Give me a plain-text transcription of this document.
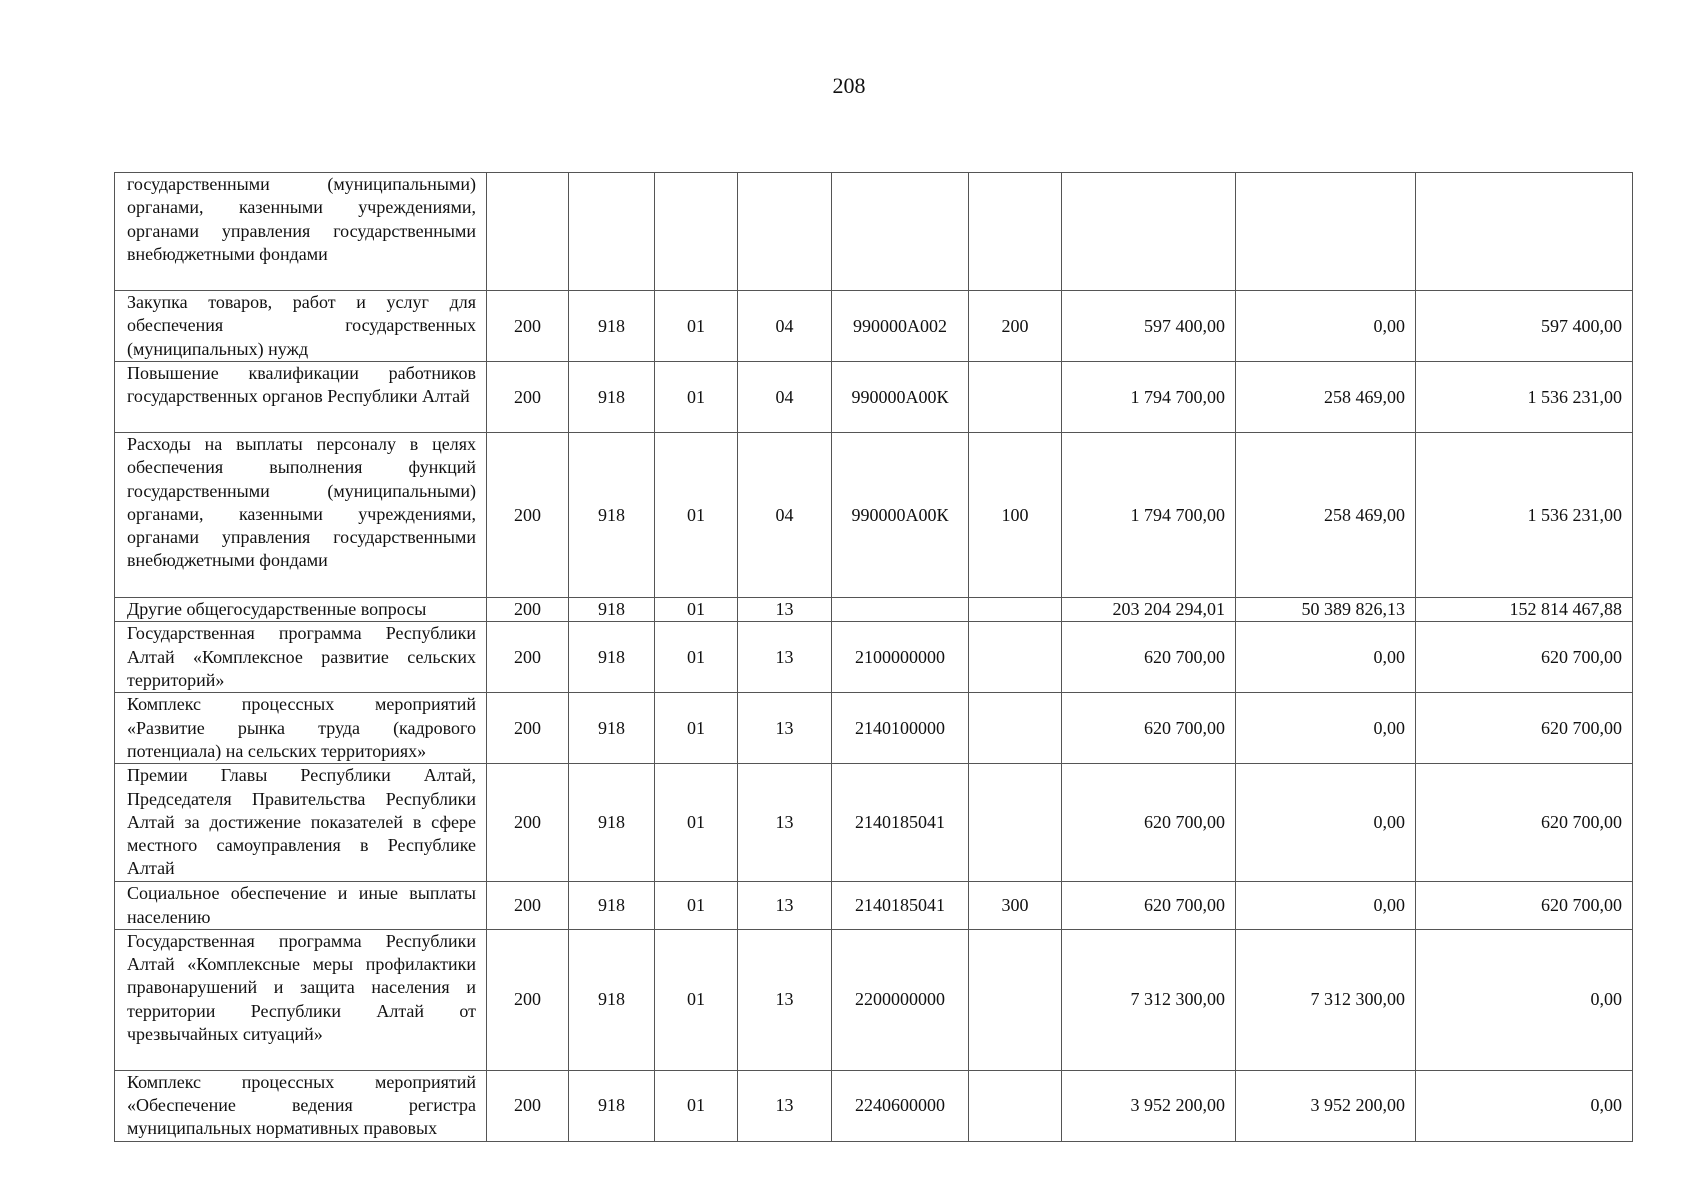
208
государственными (муниципальными) органами, казенными учреждениями, органами управления государственными внебюджетными фондами									
Закупка товаров, работ и услуг для обеспечения государственных (муниципальных) нужд	200	918	01	04	990000А002	200	597 400,00	0,00	597 400,00
Повышение квалификации работников государственных органов Республики Алтай	200	918	01	04	990000А00К		1 794 700,00	258 469,00	1 536 231,00
Расходы на выплаты персоналу в целях обеспечения выполнения функций государственными (муниципальными) органами, казенными учреждениями, органами управления государственными внебюджетными фондами	200	918	01	04	990000А00К	100	1 794 700,00	258 469,00	1 536 231,00
Другие общегосударственные вопросы	200	918	01	13			203 204 294,01	50 389 826,13	152 814 467,88
Государственная программа Республики Алтай «Комплексное развитие сельских территорий»	200	918	01	13	2100000000		620 700,00	0,00	620 700,00
Комплекс процессных мероприятий «Развитие рынка труда (кадрового потенциала) на сельских территориях»	200	918	01	13	2140100000		620 700,00	0,00	620 700,00
Премии Главы Республики Алтай, Председателя Правительства Республики Алтай за достижение показателей в сфере местного самоуправления в Республике Алтай	200	918	01	13	2140185041		620 700,00	0,00	620 700,00
Социальное обеспечение и иные выплаты населению	200	918	01	13	2140185041	300	620 700,00	0,00	620 700,00
Государственная программа Республики Алтай «Комплексные меры профилактики правонарушений и защита населения и территории Республики Алтай от чрезвычайных ситуаций»	200	918	01	13	2200000000		7 312 300,00	7 312 300,00	0,00
Комплекс процессных мероприятий «Обеспечение ведения регистра муниципальных нормативных правовых	200	918	01	13	2240600000		3 952 200,00	3 952 200,00	0,00
